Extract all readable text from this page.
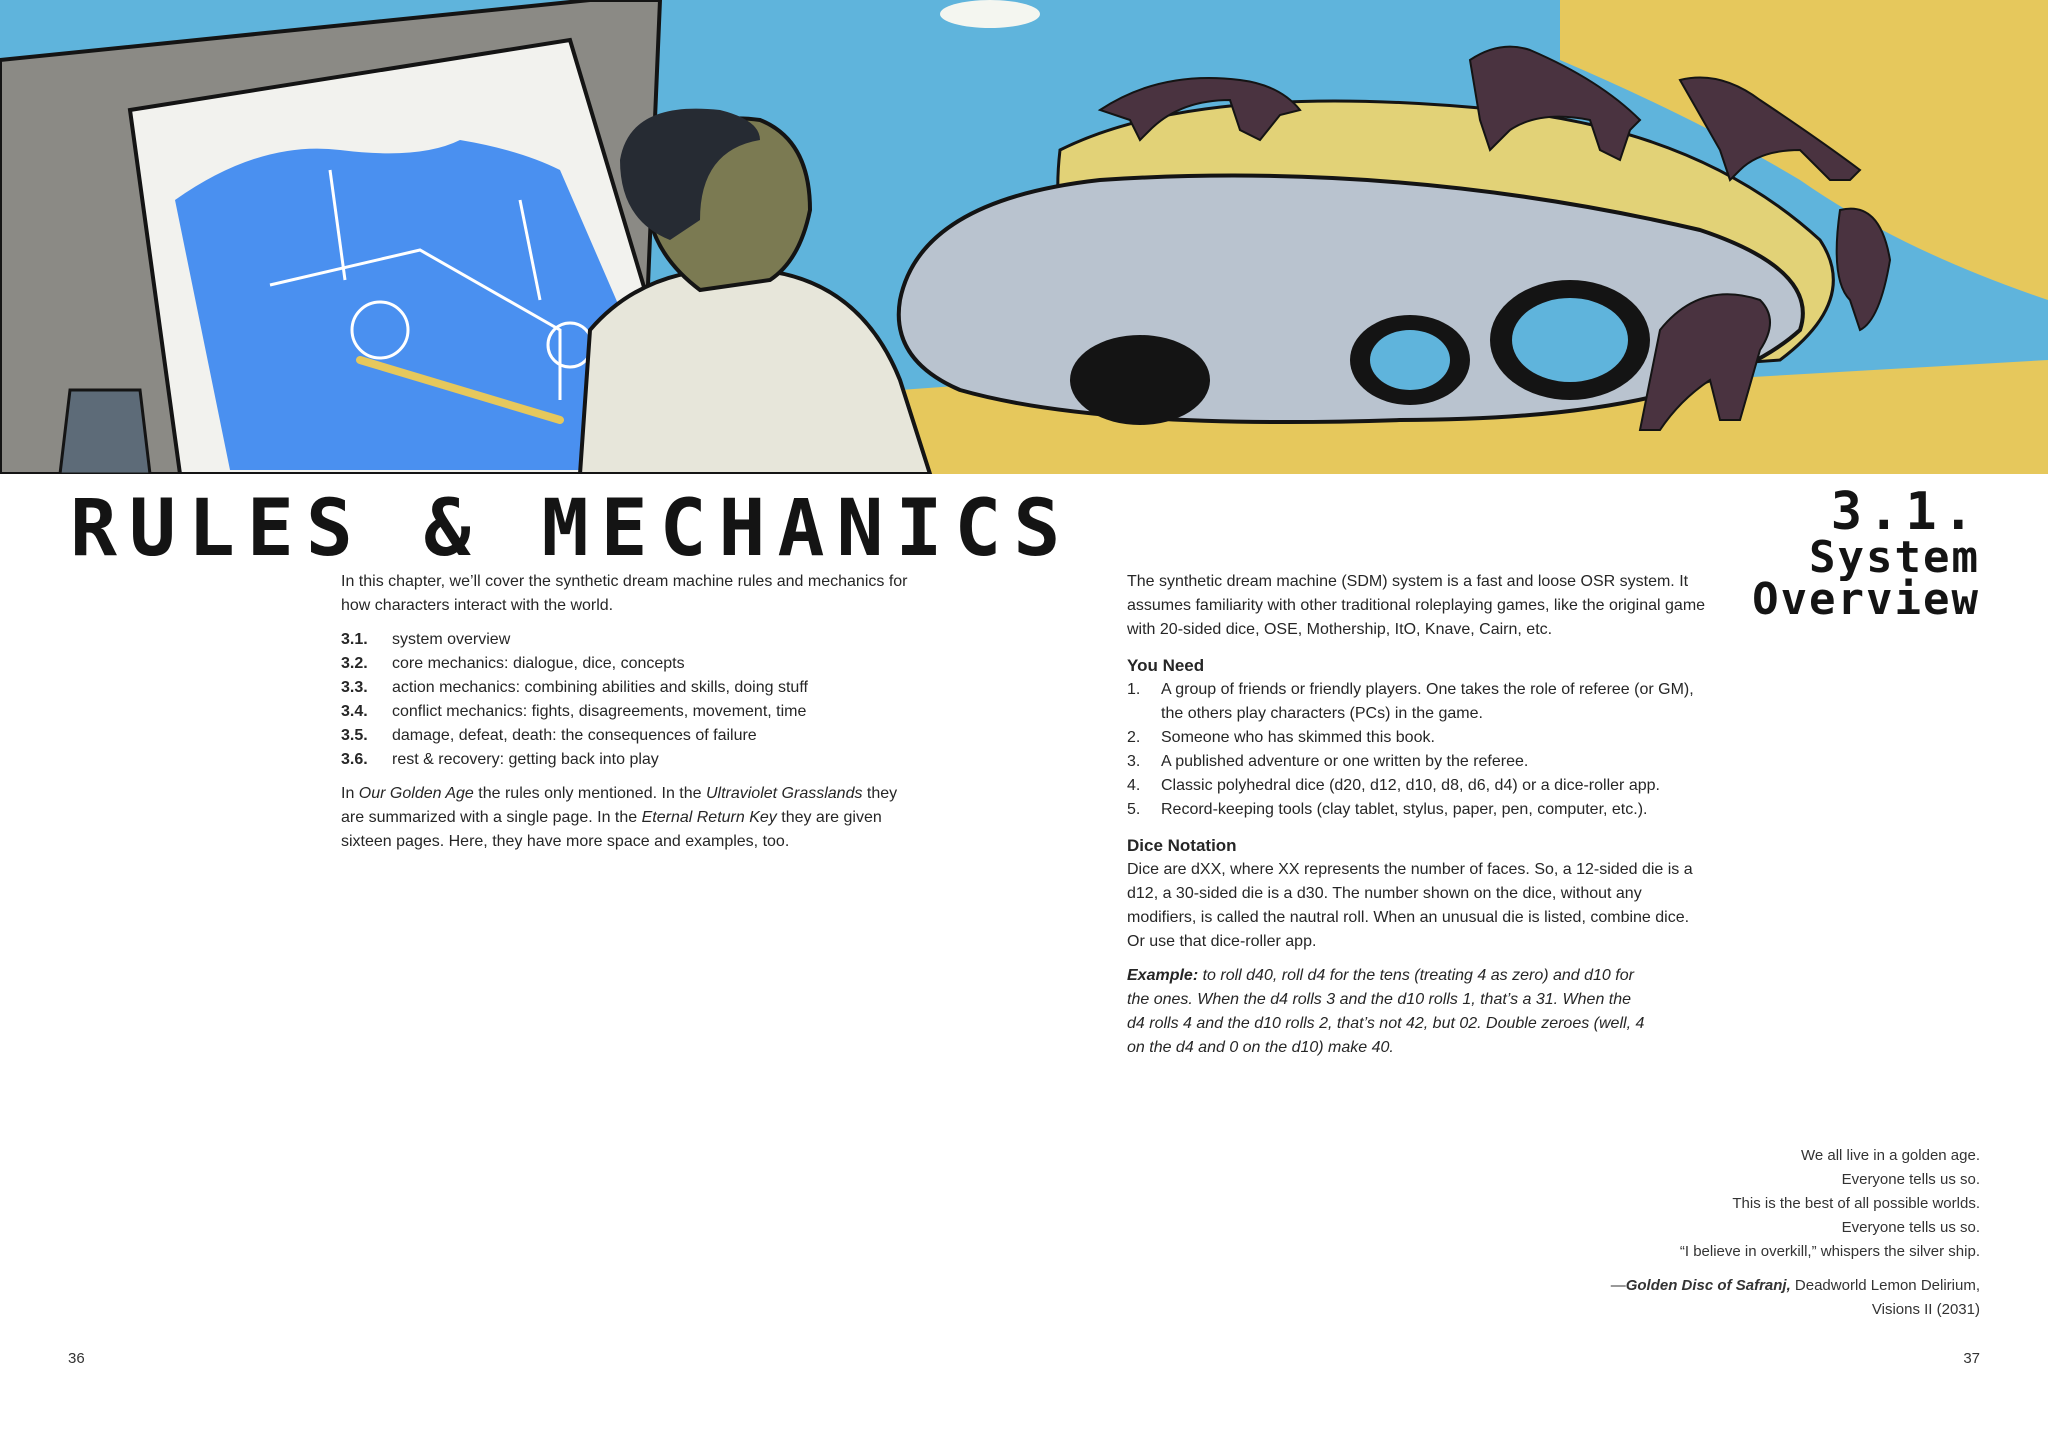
RULES & MECHANICS	3.1.
System
Overview

In this chapter, we’ll cover the synthetic dream machine rules and mechanics for how characters interact with the world.

3.1.	system overview
3.2.	core mechanics: dialogue, dice, concepts
3.3.	action mechanics: combining abilities and skills, doing stuff
3.4.	conflict mechanics: fights, disagreements, movement, time
3.5.	damage, defeat, death: the consequences of failure
3.6.	rest & recovery: getting back into play

In Our Golden Age the rules only mentioned. In the Ultraviolet Grasslands they are summarized with a single page. In the Eternal Return Key they are given sixteen pages. Here, they have more space and examples, too.

The synthetic dream machine (SDM) system is a fast and loose OSR system. It assumes familiarity with other traditional roleplaying games, like the original game with 20-sided dice, OSE, Mothership, ItO, Knave, Cairn, etc.

You Need
1.	A group of friends or friendly players. One takes the role of referee (or GM), the others play characters (PCs) in the game.
2.	Someone who has skimmed this book.
3.	A published adventure or one written by the referee.
4.	Classic polyhedral dice (d20, d12, d10, d8, d6, d4) or a dice-roller app.
5.	Record-keeping tools (clay tablet, stylus, paper, pen, computer, etc.).
Dice Notation

Dice are dXX, where XX represents the number of faces. So, a 12-sided die is a d12, a 30-sided die is a d30. The number shown on the dice, without any modifiers, is called the nautral roll. When an unusual die is listed, combine dice. Or use that dice-roller app.

Example: to roll d40, roll d4 for the tens (treating 4 as zero) and d10 for the ones. When the d4 rolls 3 and the d10 rolls 1, that’s a 31. When the d4 rolls 4 and the d10 rolls 2, that’s not 42, but 02. Double zeroes (well, 4 on the d4 and 0 on the d10) make 40.

We all live in a golden age.

Everyone tells us so.

This is the best of all possible worlds.

Everyone tells us so.

“I believe in overkill,” whispers the silver ship.

—Golden Disc of Safranj, Deadworld Lemon Delirium,

Visions II (2031)

36	37
